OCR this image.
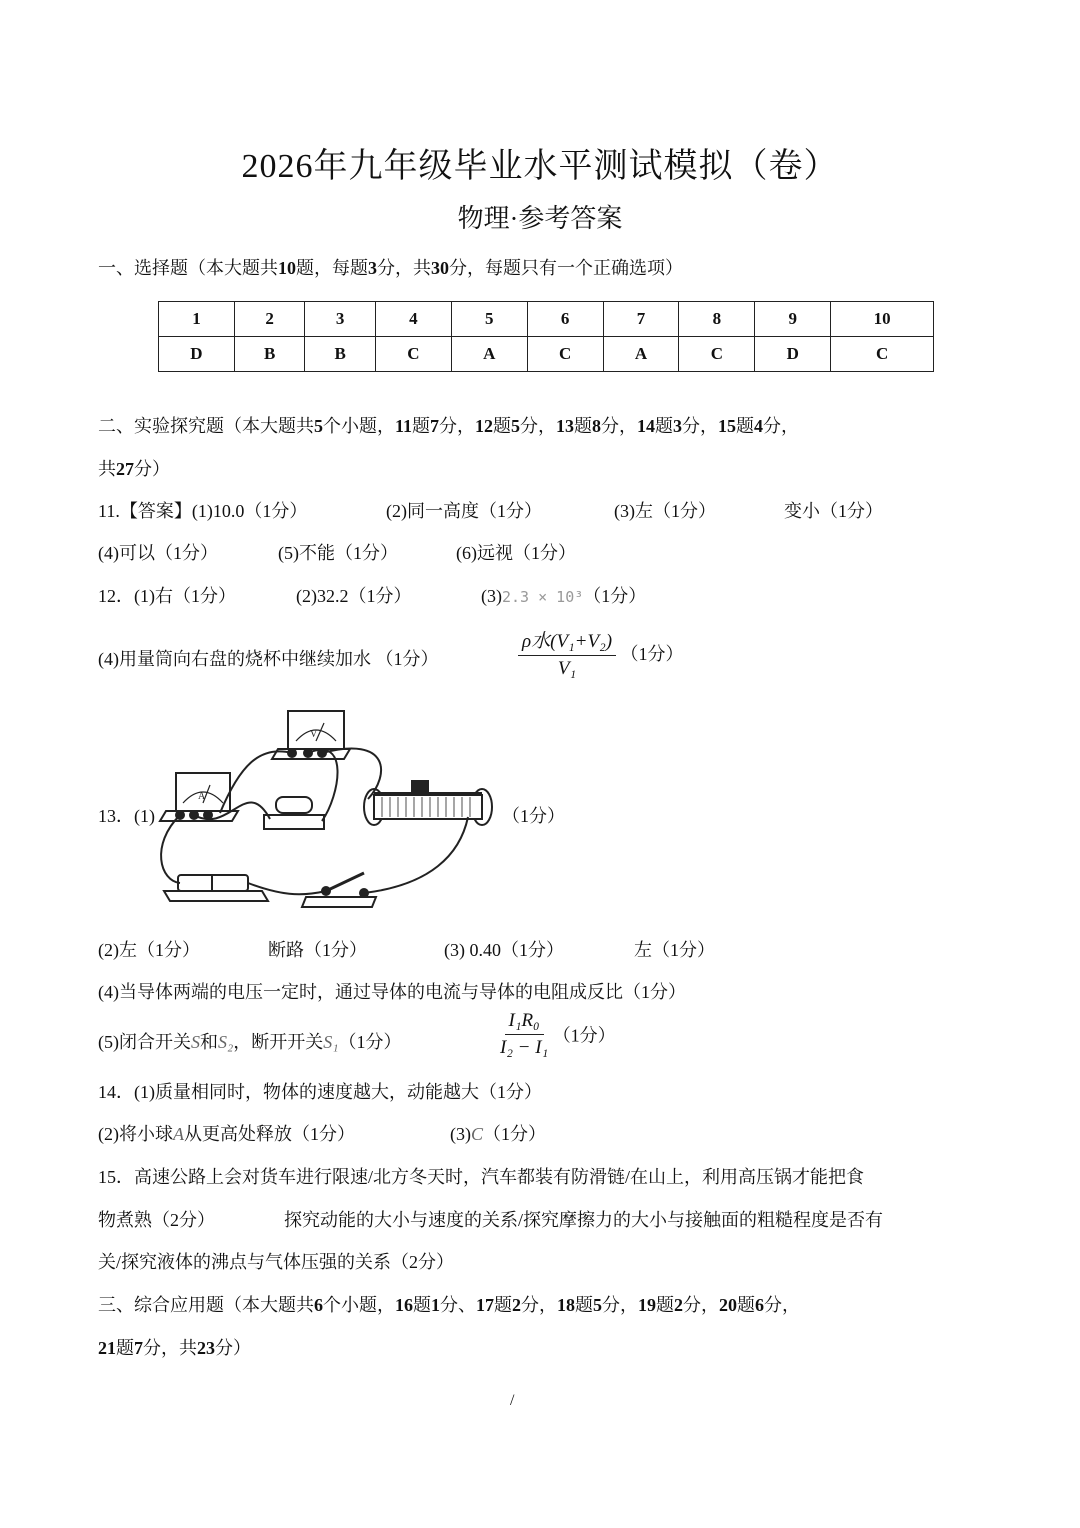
2026年九年级毕业水平测试模拟（卷）
物理·参考答案
一、选择题（本大题共10题，每题3分，共30分，每题只有一个正确选项）
1	2	3	4	5	6	7	8	9	10
D	B	B	C	A	C	A	C	D	C
二、实验探究题（本大题共5个小题，11题7分，12题5分，13题8分，14题3分，15题4分，
共27分）
11.【答案】(1)10.0（1分）	(2)同一高度（1分）	(3)左（1分）	变小（1分）
(4)可以（1分）	(5)不能（1分）	(6)远视（1分）
12．(1)右（1分）	(2)32.2（1分）	(3)2.3 × 10³（1分）
(4)用量筒向右盘的烧杯中继续加水 （1分）	$\frac{\text{ρ水(V₁+V₂)}}{\text{V₁}} (1$分）
13．(1)	（1分）
V
A
(2)左（1分）	断路（1分）	(3) 0.40（1分）	左（1分）
(4)当导体两端的电压一定时，通过导体的电流与导体的电阻成反比（1分）
(5)闭合开关S和S₂，断开开关S₁（1分）	$\frac{\text{I₁R₀}}{\text{I₂ − I₁}} (1$分）
14．(1)质量相同时，物体的速度越大，动能越大（1分）
(2)将小球A从更高处释放（1分）	(3)C（1分）
15．高速公路上会对货车进行限速/北方冬天时，汽车都装有防滑链/在山上，利用高压锅才能把食
物煮熟（2分）	探究动能的大小与速度的关系/探究摩擦力的大小与接触面的粗糙程度是否有
关/探究液体的沸点与气体压强的关系（2分）
三、综合应用题（本大题共6个小题，16题1分、17题2分，18题5分，19题2分，20题6分，
21题7分，共23分）
/
